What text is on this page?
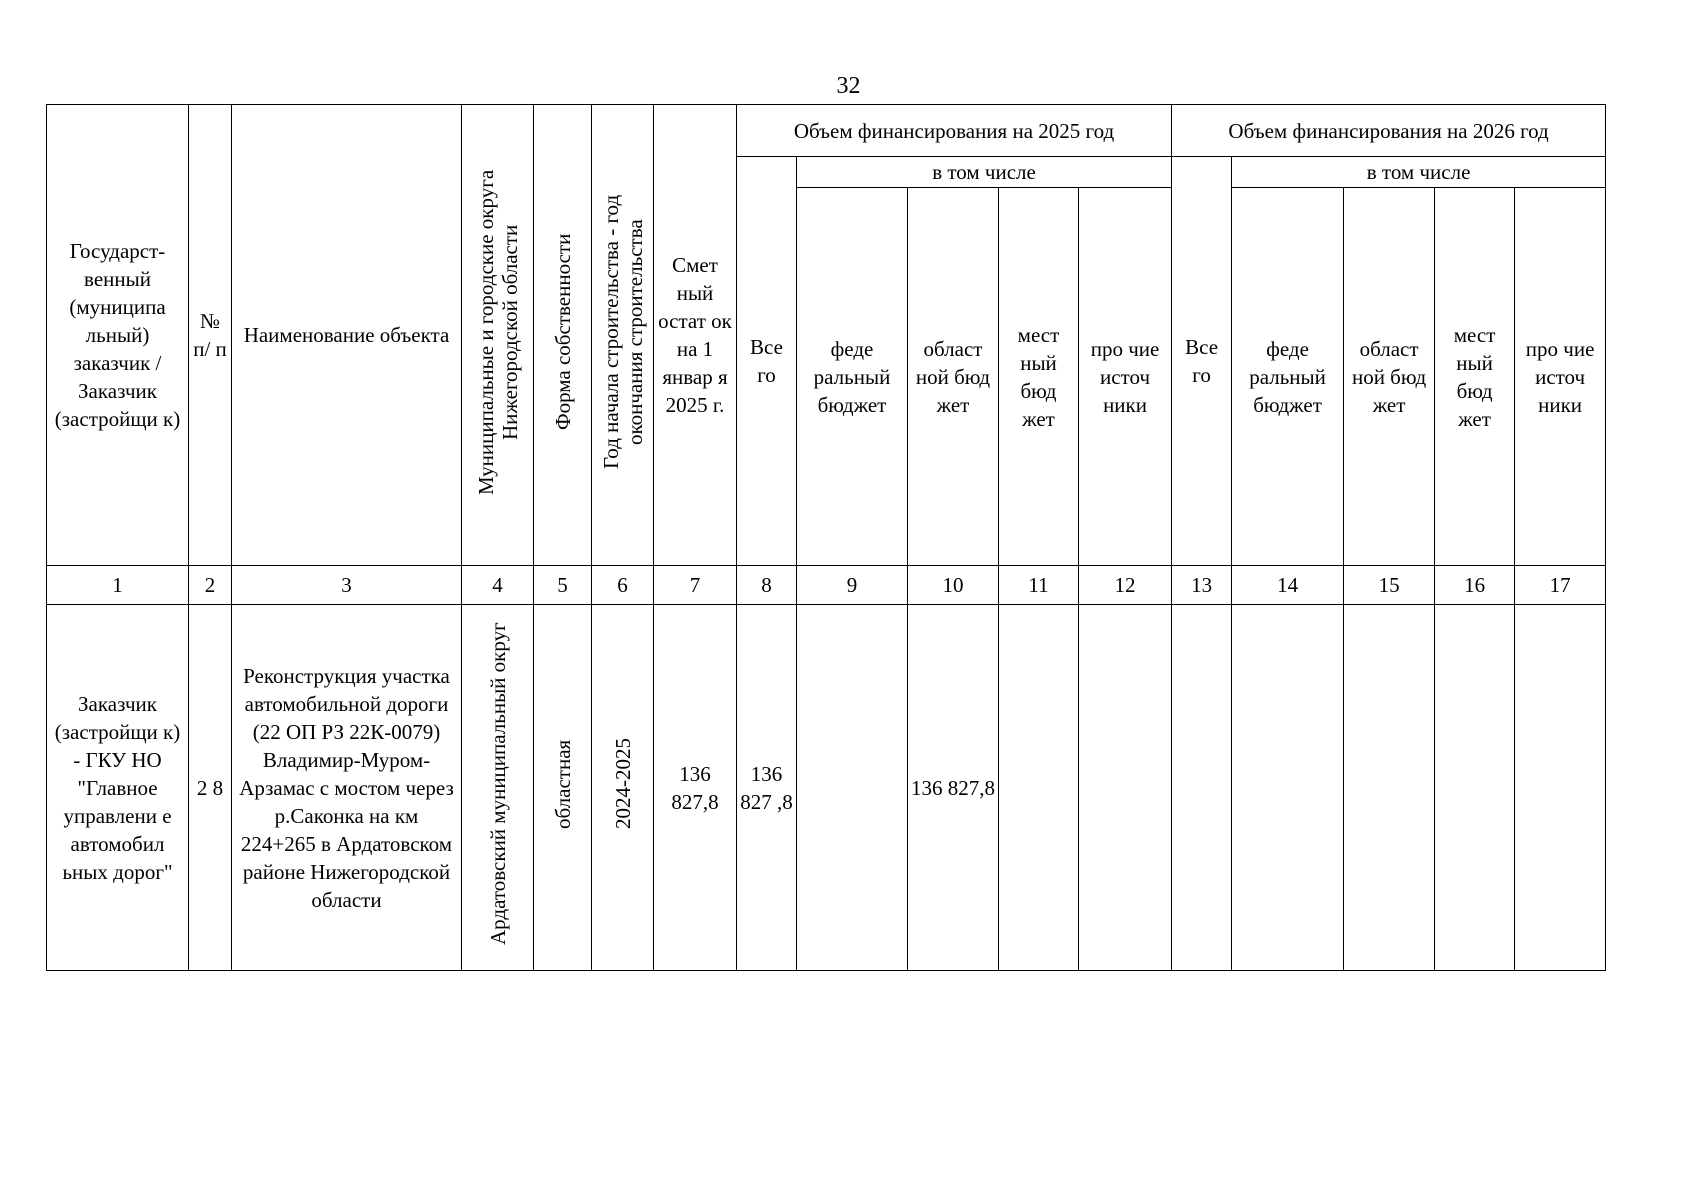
32
Государст-венный (муниципа льный) заказчик / Заказчик (застройщи к)	№ п/ п	Наименование объекта	Муниципальные и городские округа Нижегородской области	Форма собственности	Год начала строительства - год окончания строительства	Смет ный остат ок на 1 январ я 2025 г.	Объем финансирования на 2025 год					Объем финансирования на 2026 год				
							Все го	в том числе				Все го	в том числе			
								феде ральный бюджет	област ной бюд жет	мест ный бюд жет	про чие источ ники		феде ральный бюджет	област ной бюд жет	мест ный бюд жет	про чие источ ники
1	2	3	4	5	6	7	8	9	10	11	12	13	14	15	16	17
Заказчик (застройщи к) - ГКУ НО "Главное управлени е автомобил ьных дорог"	2 8	Реконструкция участка автомобильной дороги (22 ОП РЗ 22К-0079) Владимир-Муром-Арзамас с мостом через р.Саконка на км 224+265 в Ардатовском районе Нижегородской области	Ардатовский муниципальный округ	областная	2024-2025	136 827,8	136 827 ,8		136 827,8							
